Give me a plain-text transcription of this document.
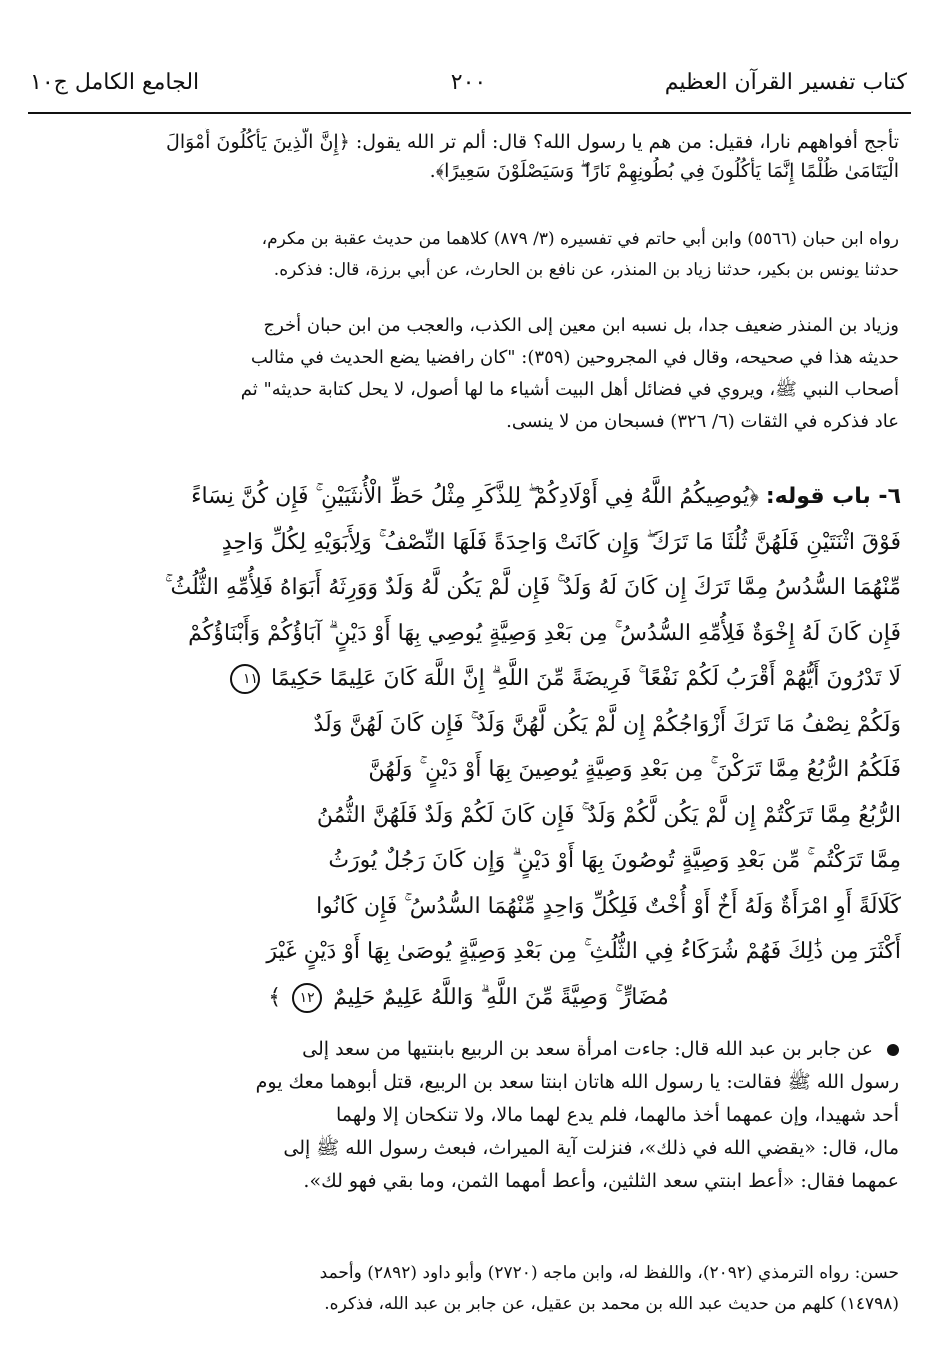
كتاب تفسير القرآن العظيم
٢٠٠
الجامع الكامل ج١٠
تأجج أفواههم نارا، فقيل: من هم يا رسول الله؟ قال: ألم تر الله يقول: ﴿إِنَّ الَّذِينَ يَأْكُلُونَ أَمْوَالَ
الْيَتَامَىٰ ظُلْمًا إِنَّمَا يَأْكُلُونَ فِي بُطُونِهِمْ نَارًا ۖ وَسَيَصْلَوْنَ سَعِيرًا﴾.
رواه ابن حبان (٥٥٦٦) وابن أبي حاتم في تفسيره (٣/ ٨٧٩) كلاهما من حديث عقبة بن مكرم،
حدثنا يونس بن بكير، حدثنا زياد بن المنذر، عن نافع بن الحارث، عن أبي برزة، قال: فذكره.
وزياد بن المنذر ضعيف جدا، بل نسبه ابن معين إلى الكذب، والعجب من ابن حبان أخرج
حديثه هذا في صحيحه، وقال في المجروحين (٣٥٩): "كان رافضيا يضع الحديث في مثالب
أصحاب النبي ﷺ، ويروي في فضائل أهل البيت أشياء ما لها أصول، لا يحل كتابة حديثه" ثم
عاد فذكره في الثقات (٦/ ٣٢٦) فسبحان من لا ينسى.
٦- باب قوله: ﴿يُوصِيكُمُ اللَّهُ فِي أَوْلَادِكُمْ ۖ لِلذَّكَرِ مِثْلُ حَظِّ الْأُنثَيَيْنِ ۚ فَإِن كُنَّ نِسَاءً
فَوْقَ اثْنَتَيْنِ فَلَهُنَّ ثُلُثَا مَا تَرَكَ ۖ وَإِن كَانَتْ وَاحِدَةً فَلَهَا النِّصْفُ ۚ وَلِأَبَوَيْهِ لِكُلِّ وَاحِدٍ
مِّنْهُمَا السُّدُسُ مِمَّا تَرَكَ إِن كَانَ لَهُ وَلَدٌ ۚ فَإِن لَّمْ يَكُن لَّهُ وَلَدٌ وَوَرِثَهُ أَبَوَاهُ فَلِأُمِّهِ الثُّلُثُ ۚ
فَإِن كَانَ لَهُ إِخْوَةٌ فَلِأُمِّهِ السُّدُسُ ۚ مِن بَعْدِ وَصِيَّةٍ يُوصِي بِهَا أَوْ دَيْنٍ ۗ آبَاؤُكُمْ وَأَبْنَاؤُكُمْ
لَا تَدْرُونَ أَيُّهُمْ أَقْرَبُ لَكُمْ نَفْعًا ۚ فَرِيضَةً مِّنَ اللَّهِ ۗ إِنَّ اللَّهَ كَانَ عَلِيمًا حَكِيمًا ١١
وَلَكُمْ نِصْفُ مَا تَرَكَ أَزْوَاجُكُمْ إِن لَّمْ يَكُن لَّهُنَّ وَلَدٌ ۚ فَإِن كَانَ لَهُنَّ وَلَدٌ
فَلَكُمُ الرُّبُعُ مِمَّا تَرَكْنَ ۚ مِن بَعْدِ وَصِيَّةٍ يُوصِينَ بِهَا أَوْ دَيْنٍ ۚ وَلَهُنَّ
الرُّبُعُ مِمَّا تَرَكْتُمْ إِن لَّمْ يَكُن لَّكُمْ وَلَدٌ ۚ فَإِن كَانَ لَكُمْ وَلَدٌ فَلَهُنَّ الثُّمُنُ
مِمَّا تَرَكْتُم ۚ مِّن بَعْدِ وَصِيَّةٍ تُوصُونَ بِهَا أَوْ دَيْنٍ ۗ وَإِن كَانَ رَجُلٌ يُورَثُ
كَلَالَةً أَوِ امْرَأَةٌ وَلَهُ أَخٌ أَوْ أُخْتٌ فَلِكُلِّ وَاحِدٍ مِّنْهُمَا السُّدُسُ ۚ فَإِن كَانُوا
أَكْثَرَ مِن ذَٰلِكَ فَهُمْ شُرَكَاءُ فِي الثُّلُثِ ۚ مِن بَعْدِ وَصِيَّةٍ يُوصَىٰ بِهَا أَوْ دَيْنٍ غَيْرَ
مُضَارٍّ ۚ وَصِيَّةً مِّنَ اللَّهِ ۗ وَاللَّهُ عَلِيمٌ حَلِيمٌ ١٢ ﴾
عن جابر بن عبد الله قال: جاءت امرأة سعد بن الربيع بابنتيها من سعد إلى
رسول الله ﷺ فقالت: يا رسول الله هاتان ابنتا سعد بن الربيع، قتل أبوهما معك يوم
أحد شهيدا، وإن عمهما أخذ مالهما، فلم يدع لهما مالا، ولا تنكحان إلا ولهما
مال، قال: «يقضي الله في ذلك»، فنزلت آية الميراث، فبعث رسول الله ﷺ إلى
عمهما فقال: «أعط ابنتي سعد الثلثين، وأعط أمهما الثمن، وما بقي فهو لك».
حسن: رواه الترمذي (٢٠٩٢)، واللفظ له، وابن ماجه (٢٧٢٠) وأبو داود (٢٨٩٢) وأحمد
(١٤٧٩٨) كلهم من حديث عبد الله بن محمد بن عقيل، عن جابر بن عبد الله، فذكره.
